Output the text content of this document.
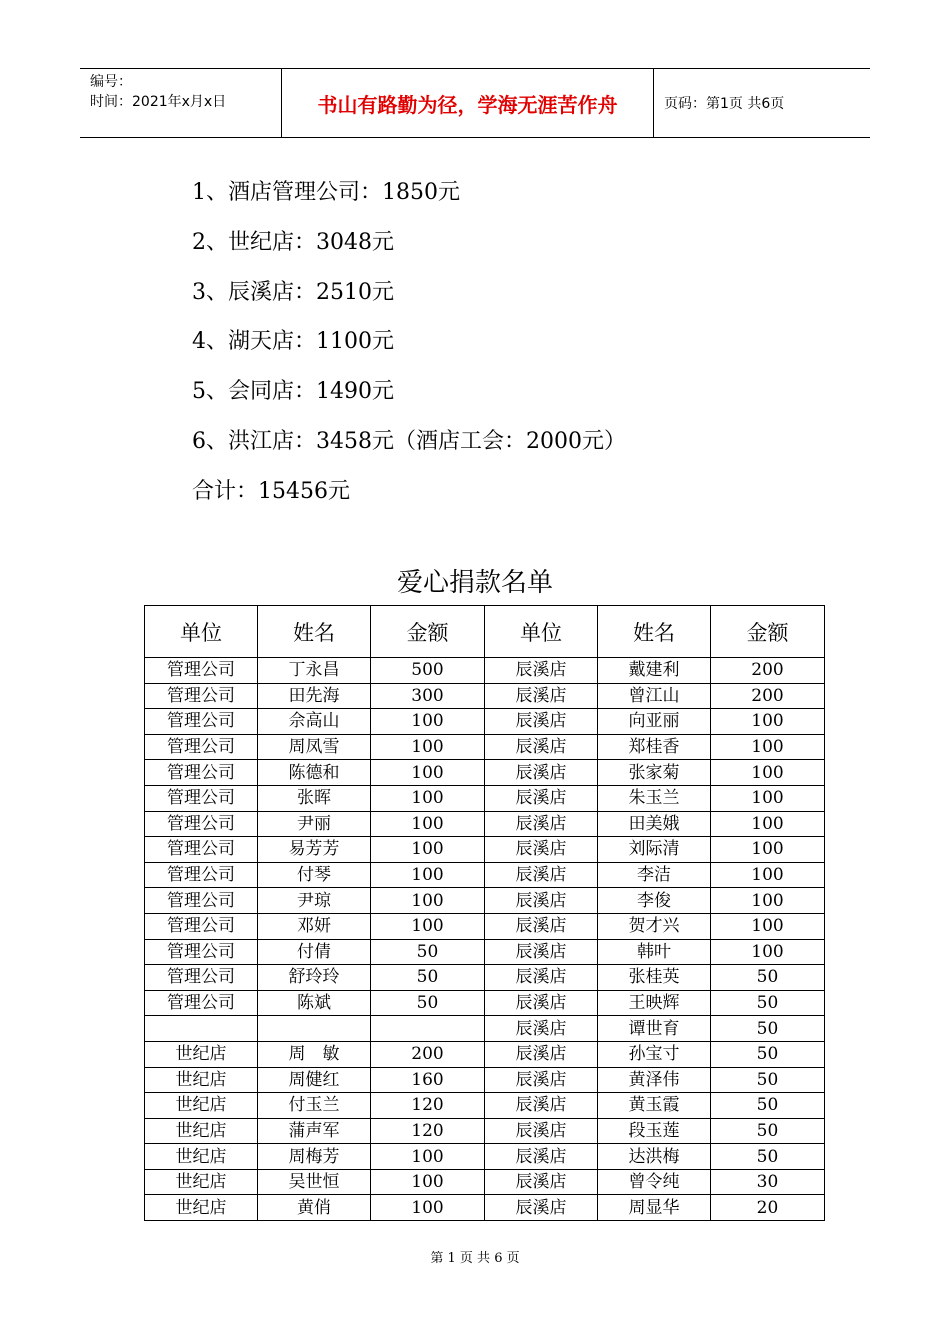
编号：
时间：2021年x月x日	书山有路勤为径，学海无涯苦作舟	页码：第1页 共6页
1、酒店管理公司：1850元
2、世纪店：3048元
3、辰溪店：2510元
4、湖天店：1100元
5、会同店：1490元
6、洪江店：3458元（酒店工会：2000元）
合计：15456元
爱心捐款名单
单位	姓名	金额	单位	姓名	金额
管理公司	丁永昌	500	辰溪店	戴建利	200
管理公司	田先海	300	辰溪店	曾江山	200
管理公司	佘高山	100	辰溪店	向亚丽	100
管理公司	周凤雪	100	辰溪店	郑桂香	100
管理公司	陈德和	100	辰溪店	张家菊	100
管理公司	张晖	100	辰溪店	朱玉兰	100
管理公司	尹丽	100	辰溪店	田美娥	100
管理公司	易芳芳	100	辰溪店	刘际清	100
管理公司	付琴	100	辰溪店	李洁	100
管理公司	尹琼	100	辰溪店	李俊	100
管理公司	邓妍	100	辰溪店	贺才兴	100
管理公司	付倩	50	辰溪店	韩叶	100
管理公司	舒玲玲	50	辰溪店	张桂英	50
管理公司	陈斌	50	辰溪店	王映辉	50
			辰溪店	谭世育	50
世纪店	周　敏	200	辰溪店	孙宝寸	50
世纪店	周健红	160	辰溪店	黄泽伟	50
世纪店	付玉兰	120	辰溪店	黄玉霞	50
世纪店	蒲声军	120	辰溪店	段玉莲	50
世纪店	周梅芳	100	辰溪店	达洪梅	50
世纪店	吴世恒	100	辰溪店	曾令纯	30
世纪店	黄俏	100	辰溪店	周显华	20
第 1 页 共 6 页
